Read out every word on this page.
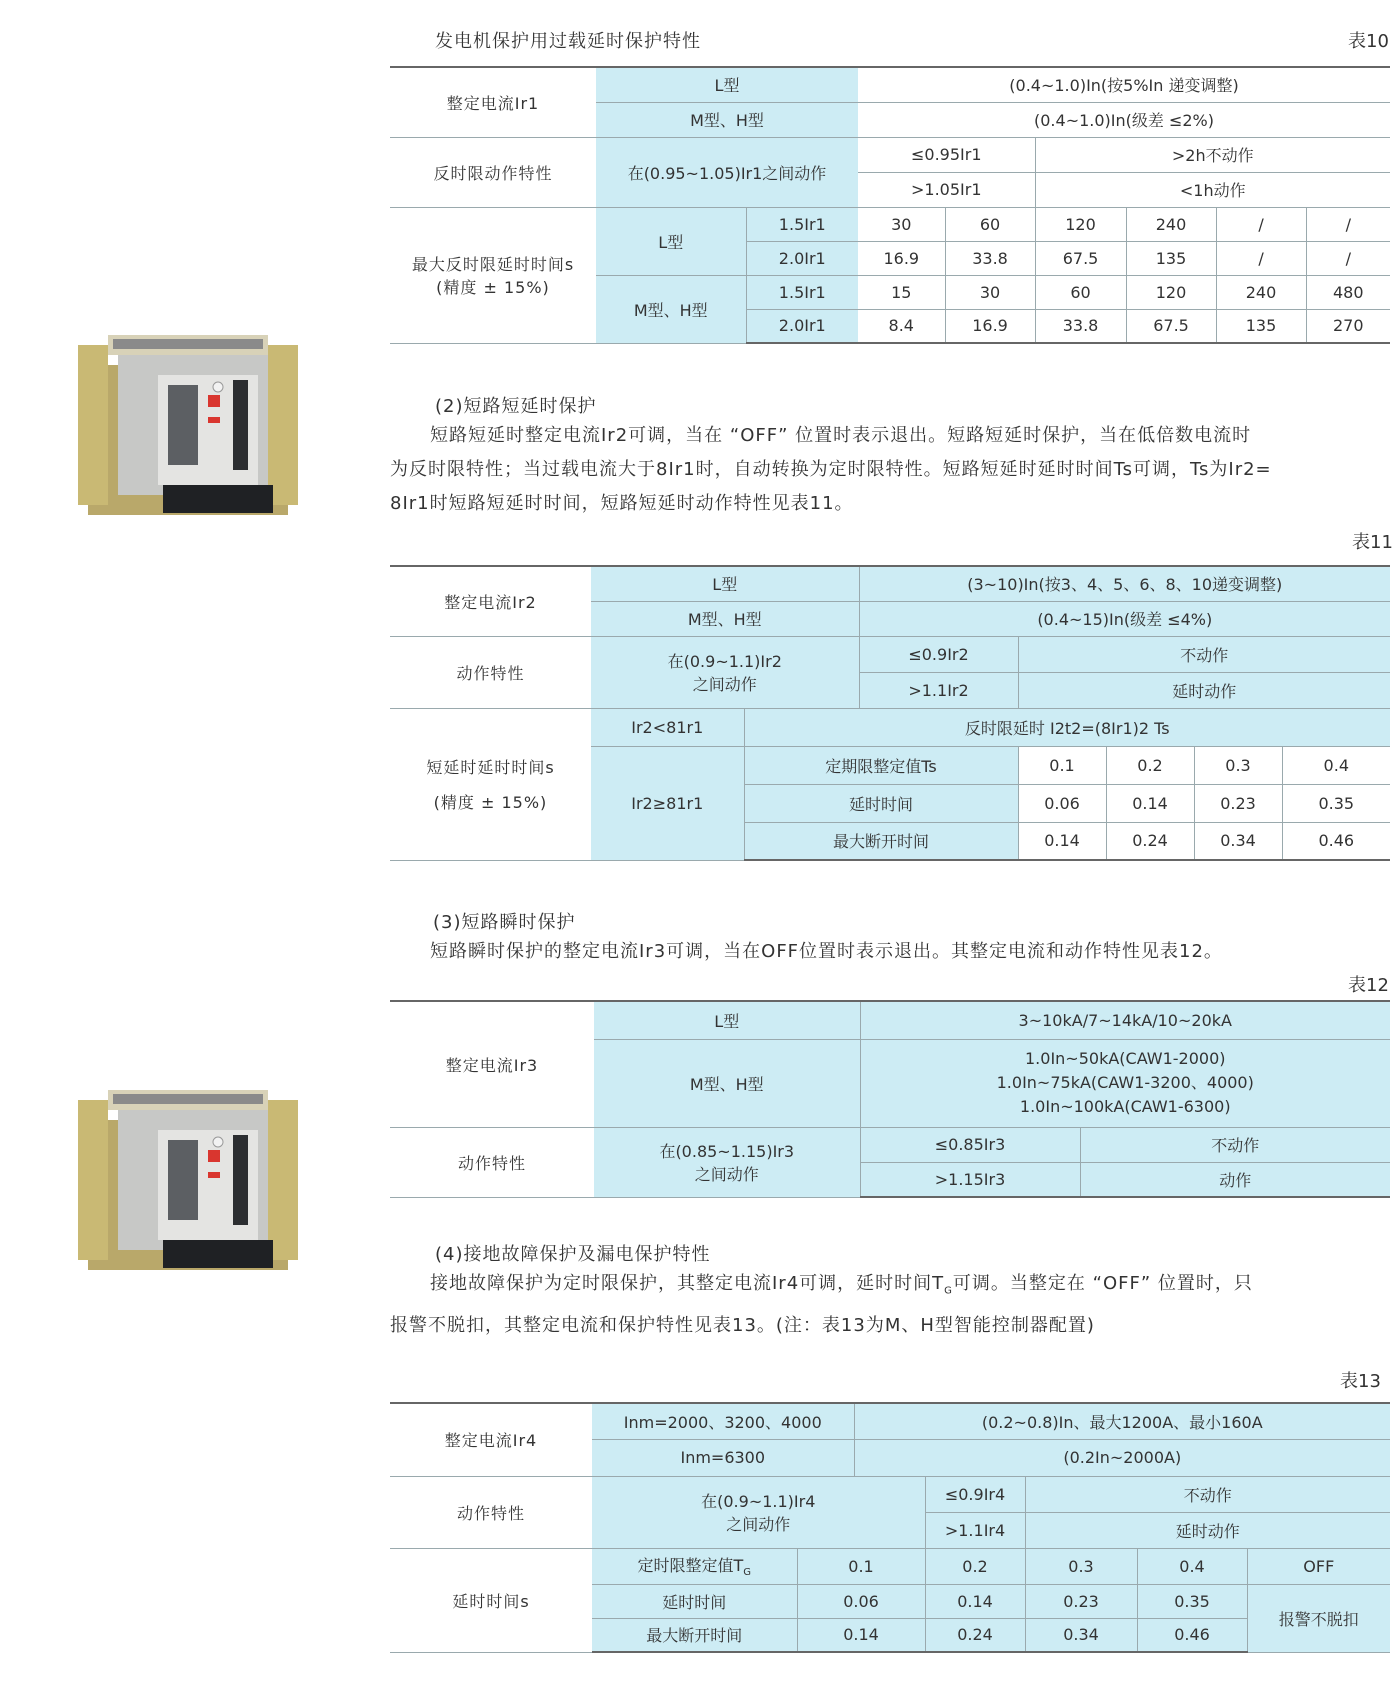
发电机保护用过载延时保护特性	表10
整定电流Ir1	L型		(0.4~1.0)In(按5%In 递变调整)					
	M型、H型		(0.4~1.0)In(级差 ≤2%)					
反时限动作特性	在(0.95~1.05)Ir1之间动作		≤0.95Ir1		>2h不动作			
			>1.05Ir1		<1h动作			

最大反时限延时时间s
(精度 ± 15%)	L型	1.5Ir1	30	60	120	240	/	/
		2.0Ir1	16.9	33.8	67.5	135	/	/
	M型、H型	1.5Ir1	15	30	60	120	240	480
		2.0Ir1	8.4	16.9	33.8	67.5	135	270
(2)短路短延时保护
短路短延时整定电流Ir2可调，当在 “OFF” 位置时表示退出。短路短延时保护，当在低倍数电流时
为反时限特性；当过载电流大于8Ir1时，自动转换为定时限特性。短路短延时延时时间Ts可调，Ts为Ir2=
8Ir1时短路短延时时间，短路短延时动作特性见表11。
表11
整定电流Ir2	L型		(3~10)In(按3、4、5、6、8、10递变调整)				
	M型、H型		(0.4~15)In(级差 ≤4%)				
动作特性	在(0.9~1.1)Ir2
之间动作		≤0.9Ir2	不动作			
			>1.1Ir2	延时动作			

短延时延时时间s
(精度 ± 15%)	Ir2<81r1	反时限延时 I2t2=(8Ir1)2 Ts					
	Ir2≥81r1	定期限整定值Ts		0.1	0.2	0.3	0.4
		延时时间		0.06	0.14	0.23	0.35
		最大断开时间		0.14	0.24	0.34	0.46
(3)短路瞬时保护
短路瞬时保护的整定电流Ir3可调，当在OFF位置时表示退出。其整定电流和动作特性见表12。
表12
整定电流Ir3	L型	3~10kA/7~14kA/10~20kA	
	M型、H型	1.0In~50kA(CAW1-2000)
1.0In~75kA(CAW1-3200、4000)
1.0In~100kA(CAW1-6300)	

动作特性	在(0.85~1.15)Ir3
之间动作	≤0.85Ir3	不动作
		>1.15Ir3	动作
(4)接地故障保护及漏电保护特性
接地故障保护为定时限保护，其整定电流Ir4可调，延时时间$T_G$可调。当整定在 “OFF” 位置时，只
报警不脱扣，其整定电流和保护特性见表13。(注：表13为M、H型智能控制器配置)
表13
整定电流Ir4	Inm=2000、3200、4000		(0.2~0.8)In、最大1200A、最小160A				
	Inm=6300		(0.2In~2000A)				
动作特性	在(0.9~1.1)Ir4
之间动作			≤0.9Ir4	不动作		
				>1.1Ir4	延时动作		
延时时间s	定时限整定值$T_G$	0.1		0.2	0.3	0.4	OFF
	延时时间	0.06		0.14	0.23	0.35	报警不脱扣
	最大断开时间	0.14		0.24	0.34	0.46	
